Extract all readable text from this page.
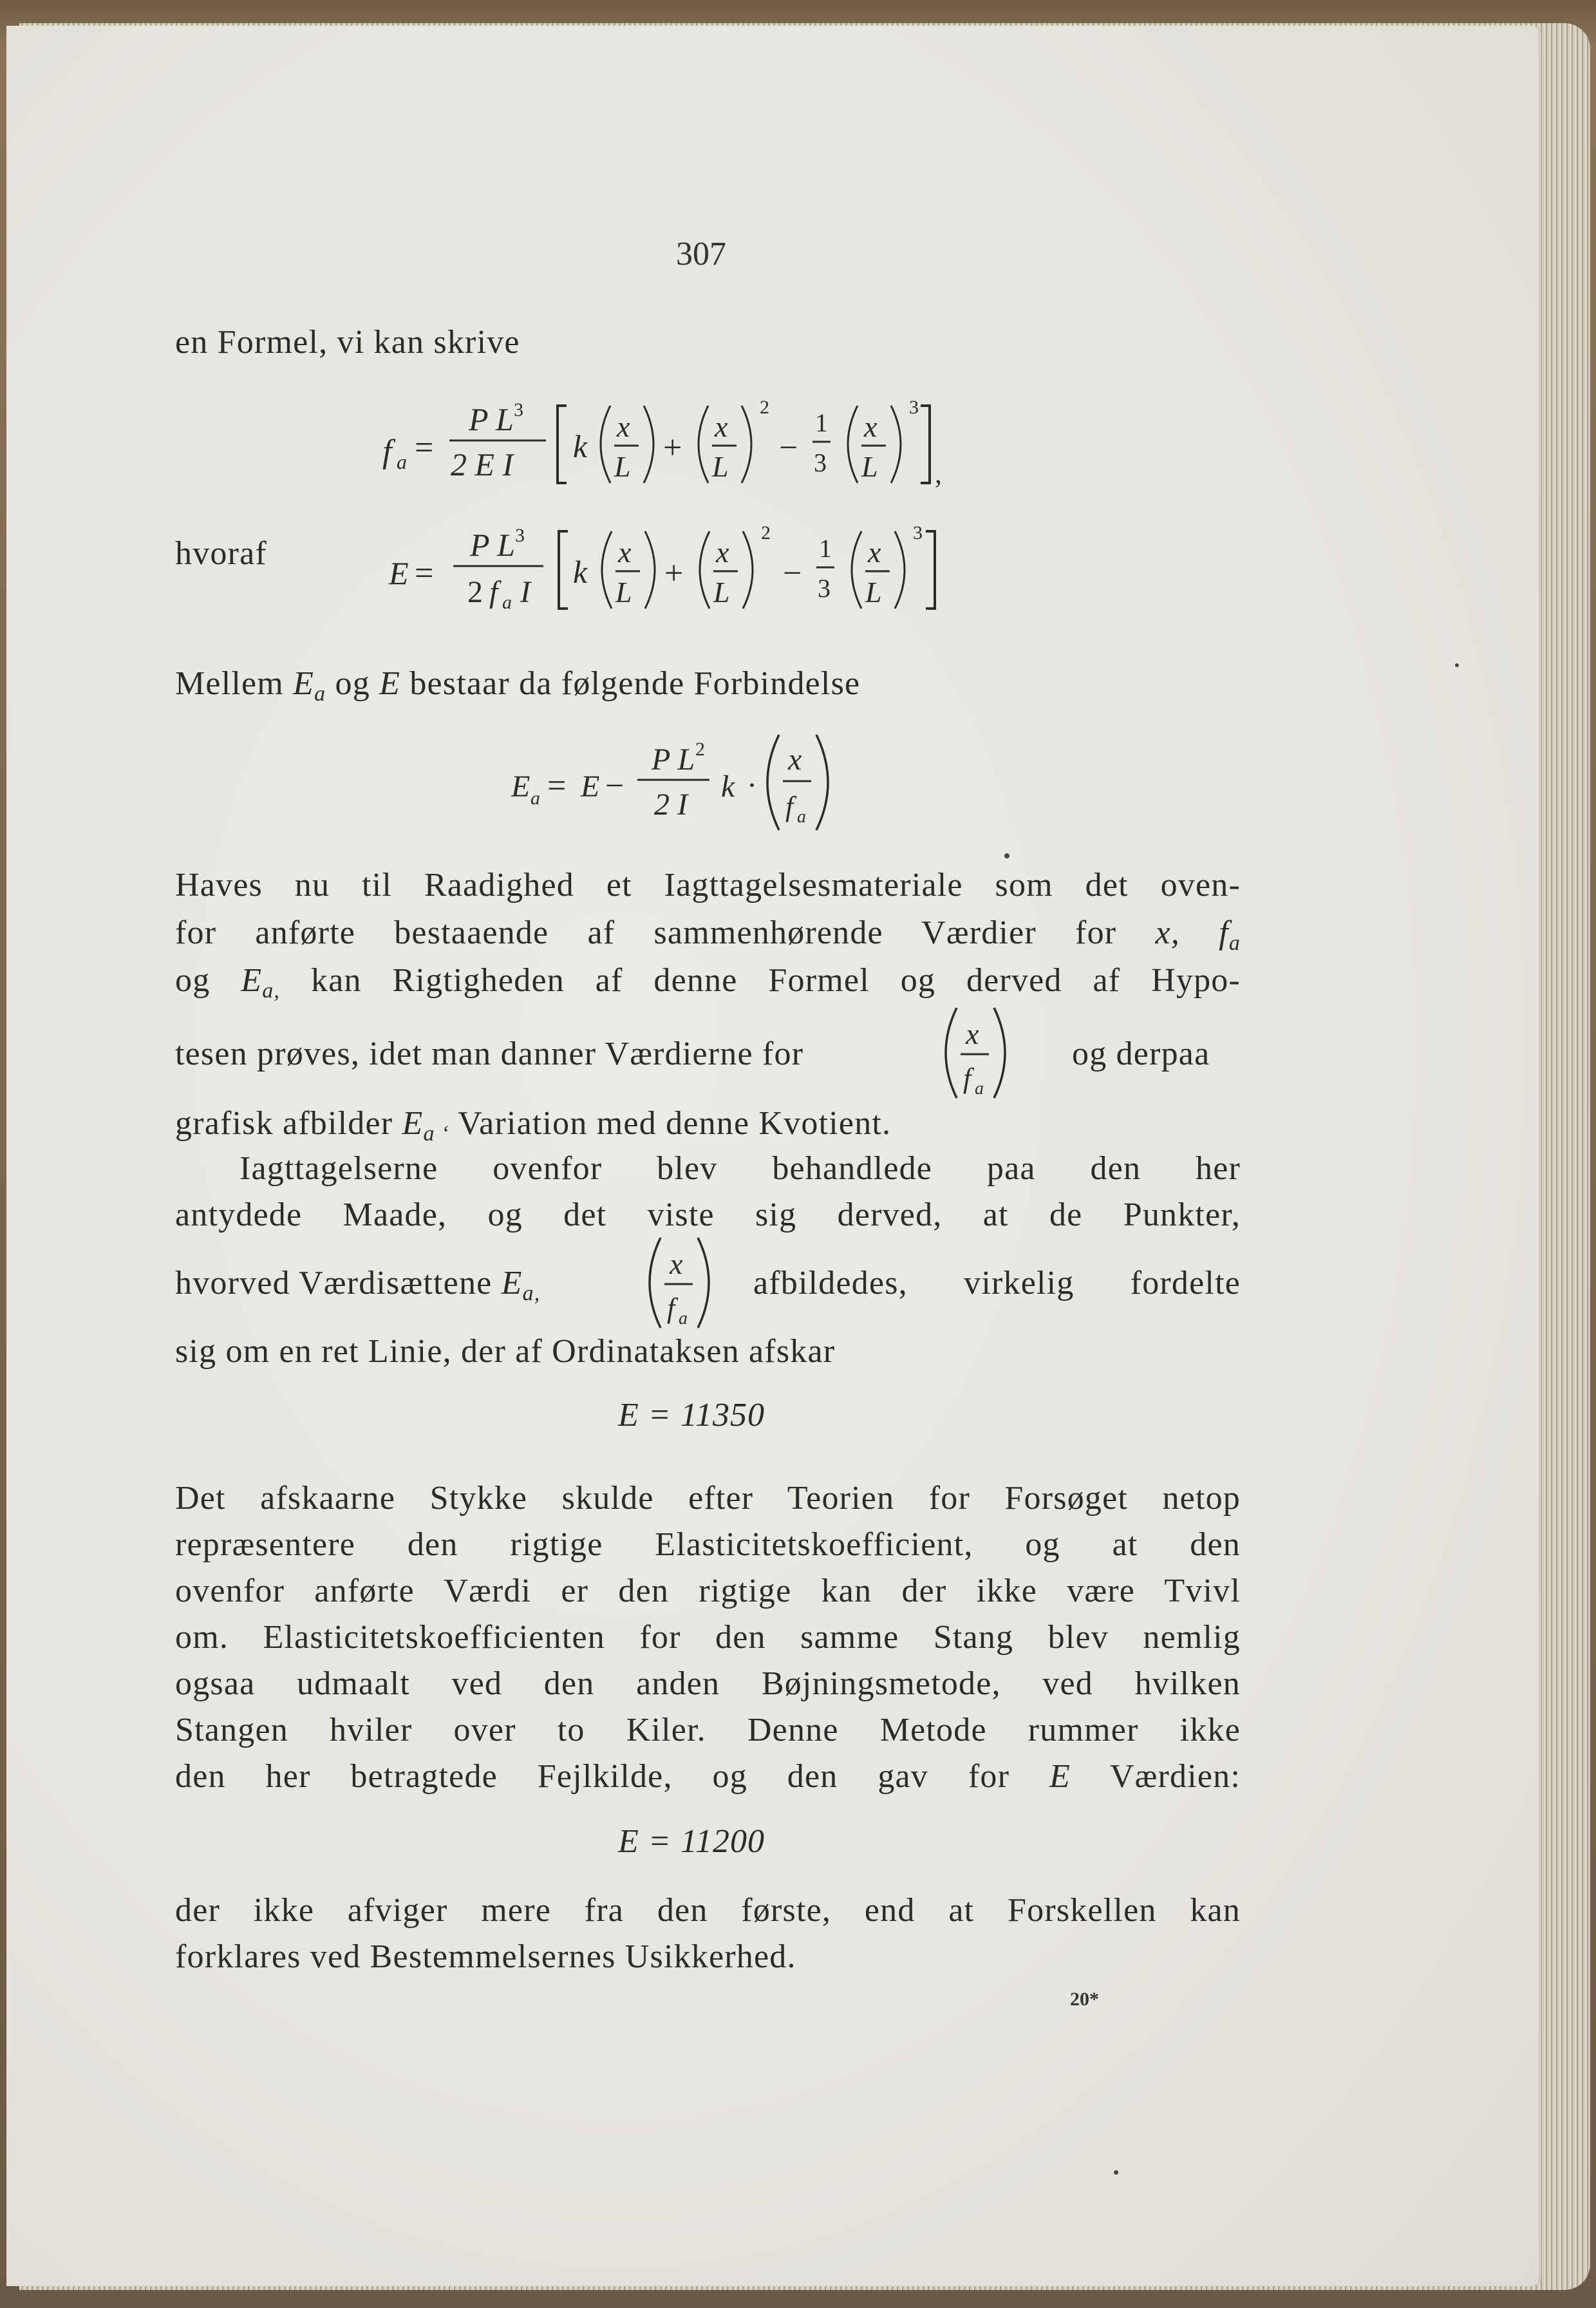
307
en Formel, vi kan skrive
f a =
P L 3
2 E I k
x
L
+
x
L
2
−
1
3
x
L
3
,
hvoraf
E =
P L 3
2 f a I
k
x
L
+
x
L
2
−
1
3
x
L
3
Mellem $E_a$ og E bestaar da følgende Forbindelse
E a = E −
P L 2
2 I
k ·
x
f a
Haves nu til Raadighed et Iagttagelsesmateriale som det oven-
for anførte bestaaende af sammenhørende Værdier for x, $f_a$
og $E_{a,}$ kan Rigtigheden af denne Formel og derved af Hypo-
tesen prøves, idet man danner Værdierne for
x
f a
og derpaa
grafisk afbilder $E_{a ‘}$ Variation med denne Kvotient.
Iagttagelserne ovenfor blev behandlede paa den her
antydede Maade, og det viste sig derved, at de Punkter,
hvorved Værdisættene $E_{a,}$
x
f a
afbildedes, virkelig fordelte
sig om en ret Linie, der af Ordinataksen afskar
E = 11350
Det afskaarne Stykke skulde efter Teorien for Forsøget netop
repræsentere den rigtige Elasticitetskoefficient, og at den
ovenfor anførte Værdi er den rigtige kan der ikke være Tvivl
om. Elasticitetskoefficienten for den samme Stang blev nemlig
ogsaa udmaalt ved den anden Bøjningsmetode, ved hvilken
Stangen hviler over to Kiler. Denne Metode rummer ikke
den her betragtede Fejlkilde, og den gav for E Værdien:
E = 11200
der ikke afviger mere fra den første, end at Forskellen kan
forklares ved Bestemmelsernes Usikkerhed.
20*
